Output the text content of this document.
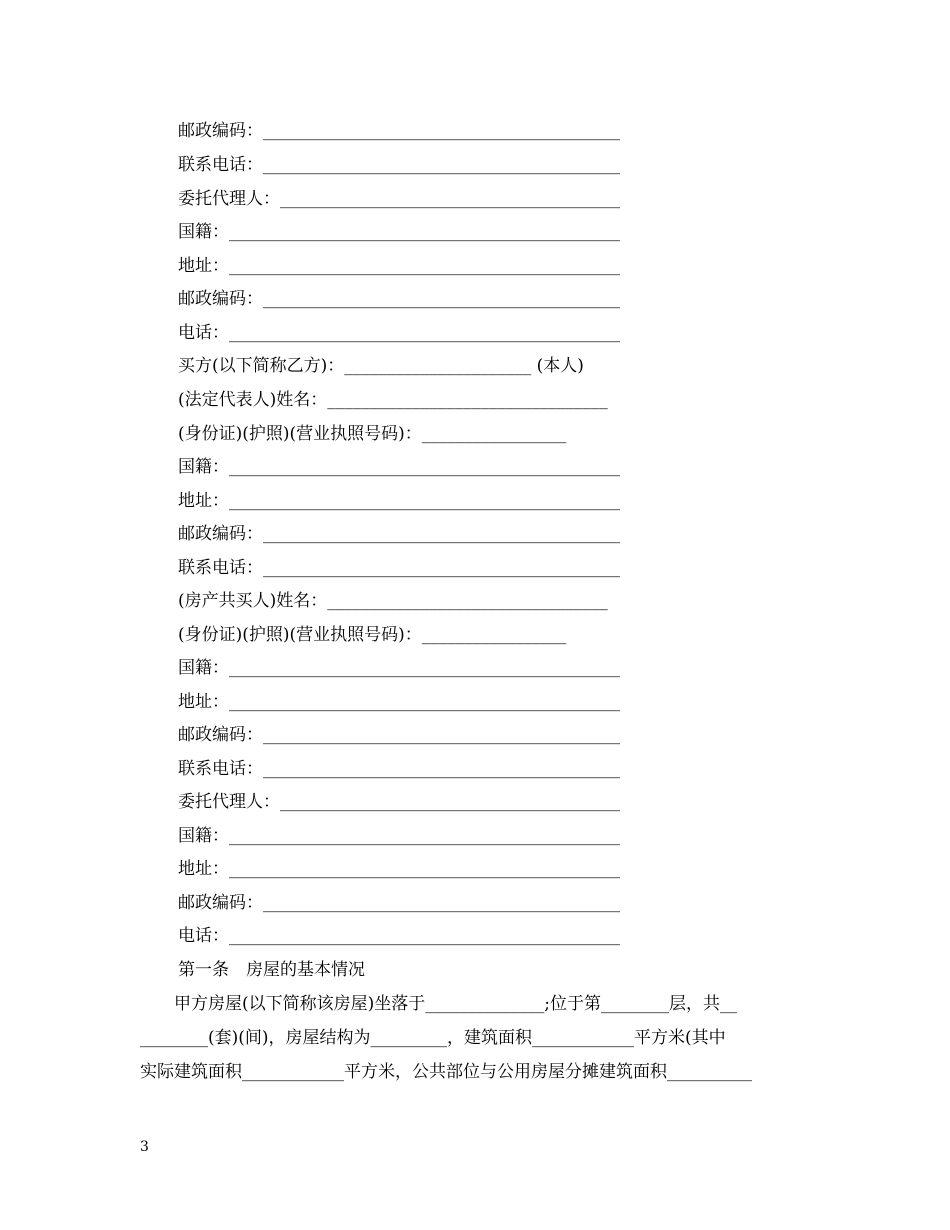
邮政编码：__________________________________________
联系电话：__________________________________________
委托代理人：________________________________________
国籍：______________________________________________
地址：______________________________________________
邮政编码：__________________________________________
电话：______________________________________________
买方(以下简称乙方)：______________________ (本人)
(法定代表人)姓名：_________________________________
(身份证)(护照)(营业执照号码)：_________________
国籍：______________________________________________
地址：______________________________________________
邮政编码：__________________________________________
联系电话：__________________________________________
(房产共买人)姓名：_________________________________
(身份证)(护照)(营业执照号码)：_________________
国籍：______________________________________________
地址：______________________________________________
邮政编码：__________________________________________
联系电话：__________________________________________
委托代理人：________________________________________
国籍：______________________________________________
地址：______________________________________________
邮政编码：__________________________________________
电话：______________________________________________
第一条　房屋的基本情况
　　甲方房屋(以下简称该房屋)坐落于______________;位于第________层，共__
________(套)(间)，房屋结构为_________，建筑面积____________平方米(其中
实际建筑面积____________平方米，公共部位与公用房屋分摊建筑面积__________
3
